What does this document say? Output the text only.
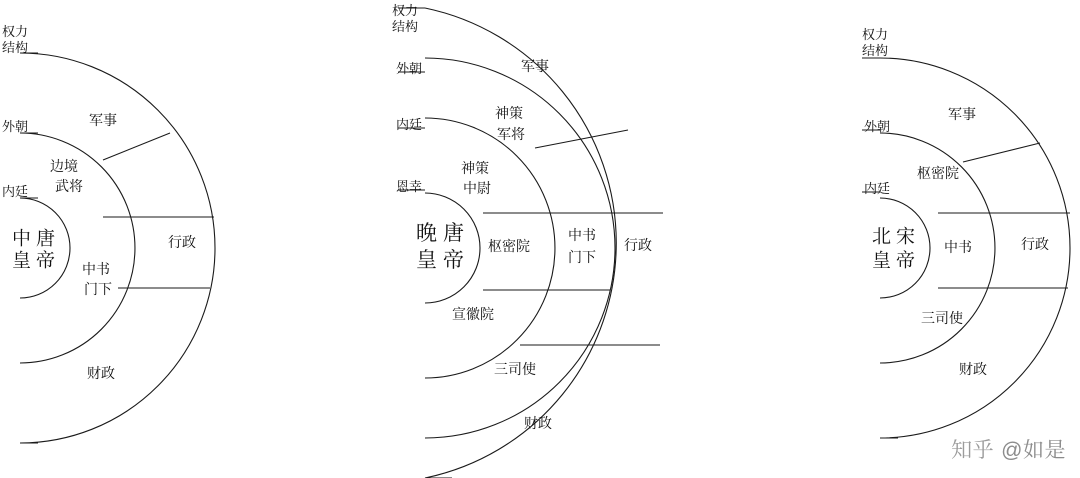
权力
结构
外朝
内廷
中
皇
唐
帝
边境
武将
中书
门下
军事
行政
财政
权力
结构
外朝
内廷
恩幸
晚
皇
唐
帝
神策
军将
神策
中尉
枢密院
宣徽院
中书
门下
三司使
军事
行政
财政
权力
结构
外朝
内廷
北
皇
宋
帝
枢密院
中书
三司使
军事
行政
财政
知乎 @如是
